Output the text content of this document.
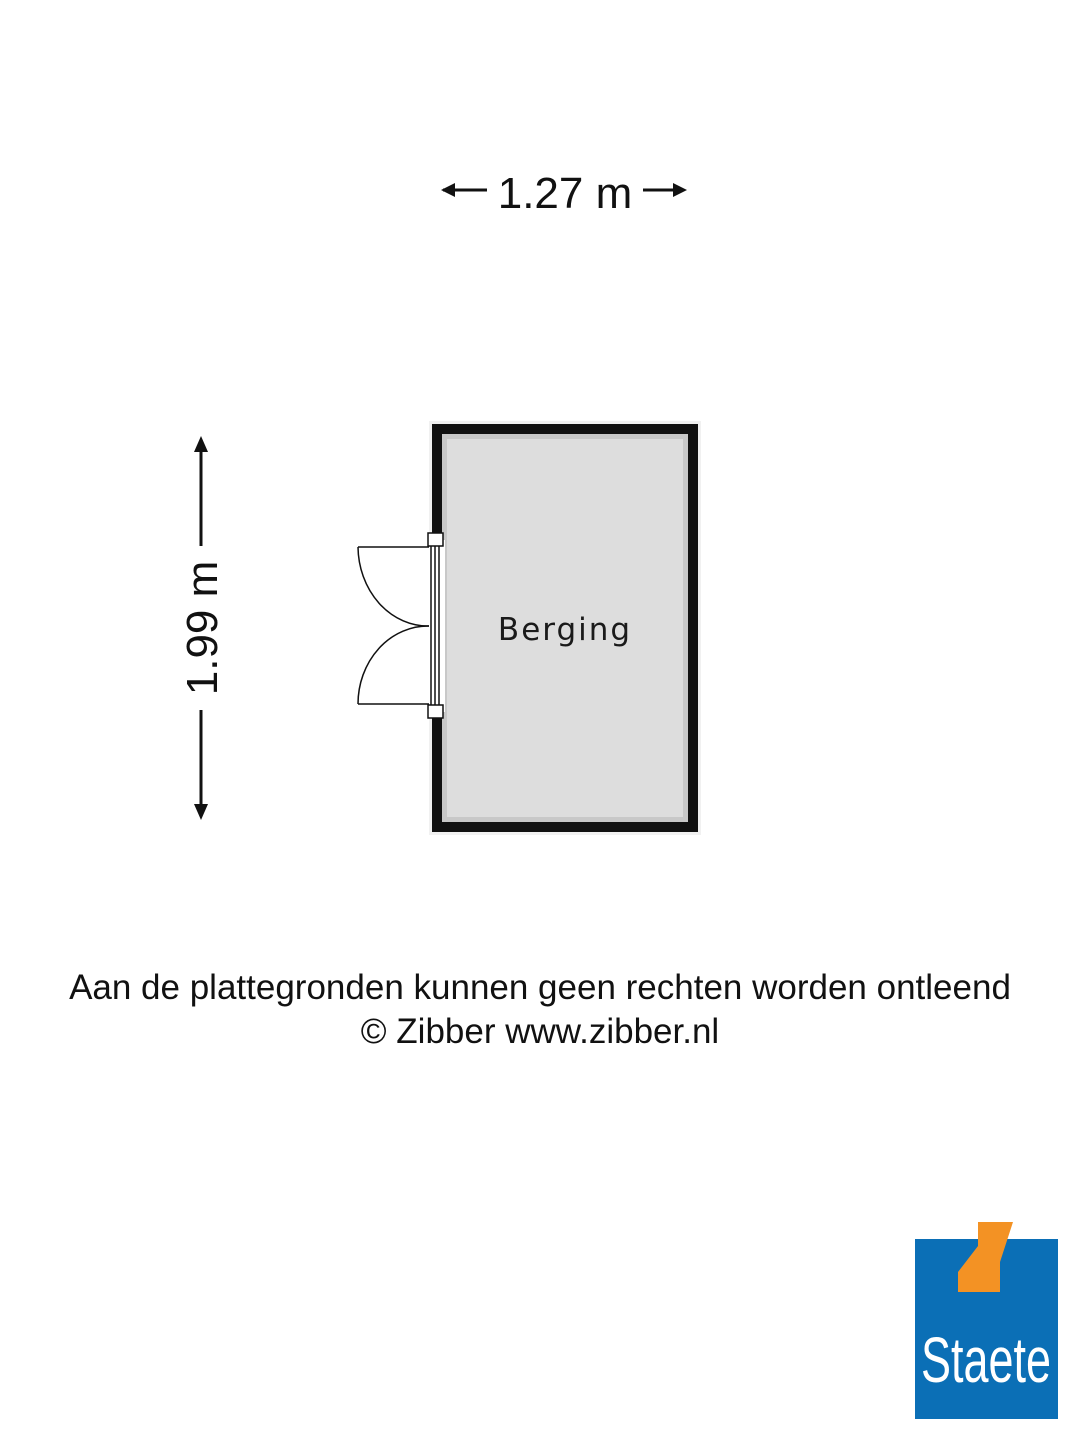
1.27 m
1.99 m	Berging
Staete
Aan de plattegronden kunnen geen rechten worden ontleend
© Zibber www.zibber.nl
